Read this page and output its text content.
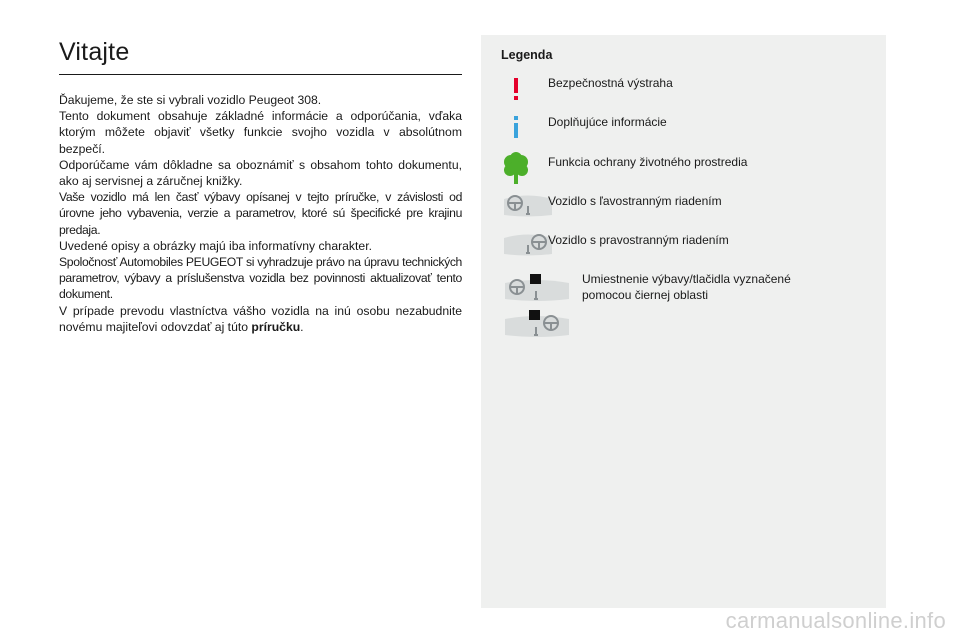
Vitajte

Ďakujeme, že ste si vybrali vozidlo Peugeot 308.

Tento dokument obsahuje základné informácie a odporúčania, vďaka ktorým môžete objaviť všetky funkcie svojho vozidla v absolútnom bezpečí.

Odporúčame vám dôkladne sa oboznámiť s obsahom tohto dokumentu, ako aj servisnej a záručnej knižky.

Vaše vozidlo má len časť výbavy opísanej v tejto príručke, v závislosti od úrovne jeho vybavenia, verzie a parametrov, ktoré sú špecifické pre krajinu predaja.

Uvedené opisy a obrázky majú iba informatívny charakter.

Spoločnosť Automobiles PEUGEOT si vyhradzuje právo na úpravu technických parametrov, výbavy a príslušenstva vozidla bez povinnosti aktualizovať tento dokument.

V prípade prevodu vlastníctva vášho vozidla na inú osobu nezabudnite novému majiteľovi odovzdať aj túto príručku.

Legenda
Bezpečnostná výstraha
Doplňujúce informácie
Funkcia ochrany životného prostredia
Vozidlo s ľavostranným riadením
Vozidlo s pravostranným riadením
Umiestnenie výbavy/tlačidla vyznačené pomocou čiernej oblasti
carmanualsonline.info
